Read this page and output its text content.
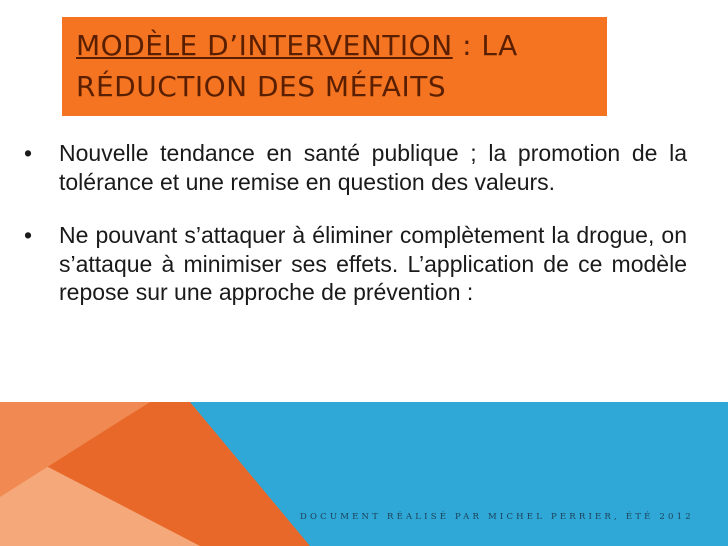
MODÈLE D’INTERVENTION : LA RÉDUCTION DES MÉFAITS
• Nouvelle tendance en santé publique ; la promotion de la tolérance et une remise en question des valeurs.
• Ne pouvant s’attaquer à éliminer complètement la drogue, on s’attaque à minimiser ses effets. L’application de ce modèle repose sur une approche de prévention :
DOCUMENT RÉALISÉ PAR MICHEL PERRIER, ÉTÉ 2012
